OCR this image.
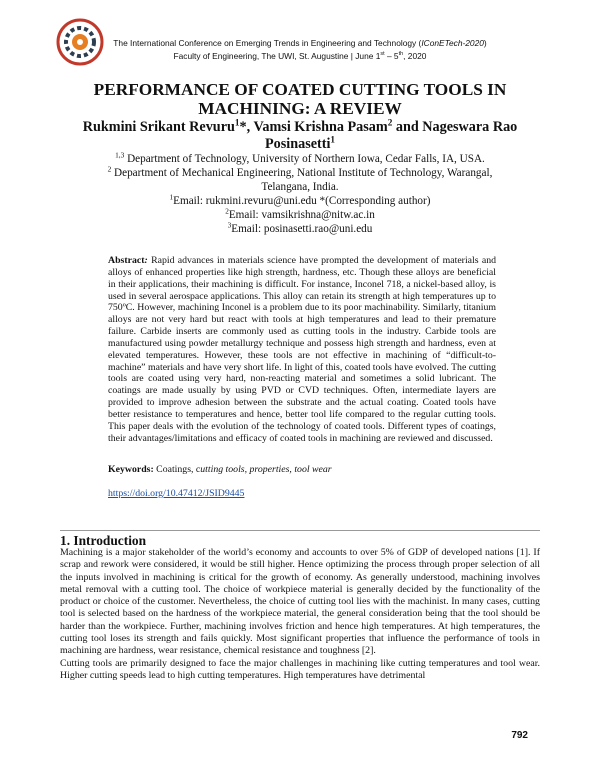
The International Conference on Emerging Trends in Engineering and Technology (IConETech-2020)
Faculty of Engineering, The UWI, St. Augustine | June 1st – 5th, 2020
PERFORMANCE OF COATED CUTTING TOOLS IN
MACHINING: A REVIEW
Rukmini Srikant Revuru$^1$*, Vamsi Krishna Pasam$^2$ and Nageswara Rao
Posinasetti$^1$
$^{1,3}$ Department of Technology, University of Northern Iowa, Cedar Falls, IA, USA.
$^2$ Department of Mechanical Engineering, National Institute of Technology, Warangal,
Telangana, India.
$^1$Email: rukmini.revuru@uni.edu *(Corresponding author)
$^2$Email: vamsikrishna@nitw.ac.in
$^3$Email: posinasetti.rao@uni.edu
Abstract: Rapid advances in materials science have prompted the development of materials and alloys of enhanced properties like high strength, hardness, etc. Though these alloys are beneficial in their applications, their machining is difficult. For instance, Inconel 718, a nickel-based alloy, is used in several aerospace applications. This alloy can retain its strength at high temperatures up to 750ºC. However, machining Inconel is a problem due to its poor machinability. Similarly, titanium alloys are not very hard but react with tools at high temperatures and lead to their premature failure. Carbide inserts are commonly used as cutting tools in the industry. Carbide tools are manufactured using powder metallurgy technique and possess high strength and hardness, even at elevated temperatures. However, these tools are not effective in machining of “difficult-to-machine” materials and have very short life. In light of this, coated tools have evolved. The cutting tools are coated using very hard, non-reacting material and sometimes a solid lubricant. The coatings are made usually by using PVD or CVD techniques. Often, intermediate layers are provided to improve adhesion between the substrate and the actual coating. Coated tools have better resistance to temperatures and hence, better tool life compared to the regular cutting tools. This paper deals with the evolution of the technology of coated tools. Different types of coatings, their advantages/limitations and efficacy of coated tools in machining are reviewed and discussed.
Keywords: Coatings, cutting tools, properties, tool wear
https://doi.org/10.47412/JSID9445
1. Introduction

Machining is a major stakeholder of the world’s economy and accounts to over 5% of GDP of developed nations [1]. If scrap and rework were considered, it would be still higher. Hence optimizing the process through proper selection of all the inputs involved in machining is critical for the growth of economy. As generally understood, machining involves metal removal with a cutting tool. The choice of workpiece material is generally decided by the functionality of the product or choice of the customer. Nevertheless, the choice of cutting tool lies with the machinist. In many cases, cutting tool is selected based on the hardness of the workpiece material, the general consideration being that the tool should be harder than the workpiece. Further, machining involves friction and hence high temperatures. At high temperatures, the cutting tool loses its strength and fails quickly. Most significant properties that influence the performance of tools in machining are hardness, wear resistance, chemical resistance and toughness [2].

Cutting tools are primarily designed to face the major challenges in machining like cutting temperatures and tool wear. Higher cutting speeds lead to high cutting temperatures. High temperatures have detrimental

792
